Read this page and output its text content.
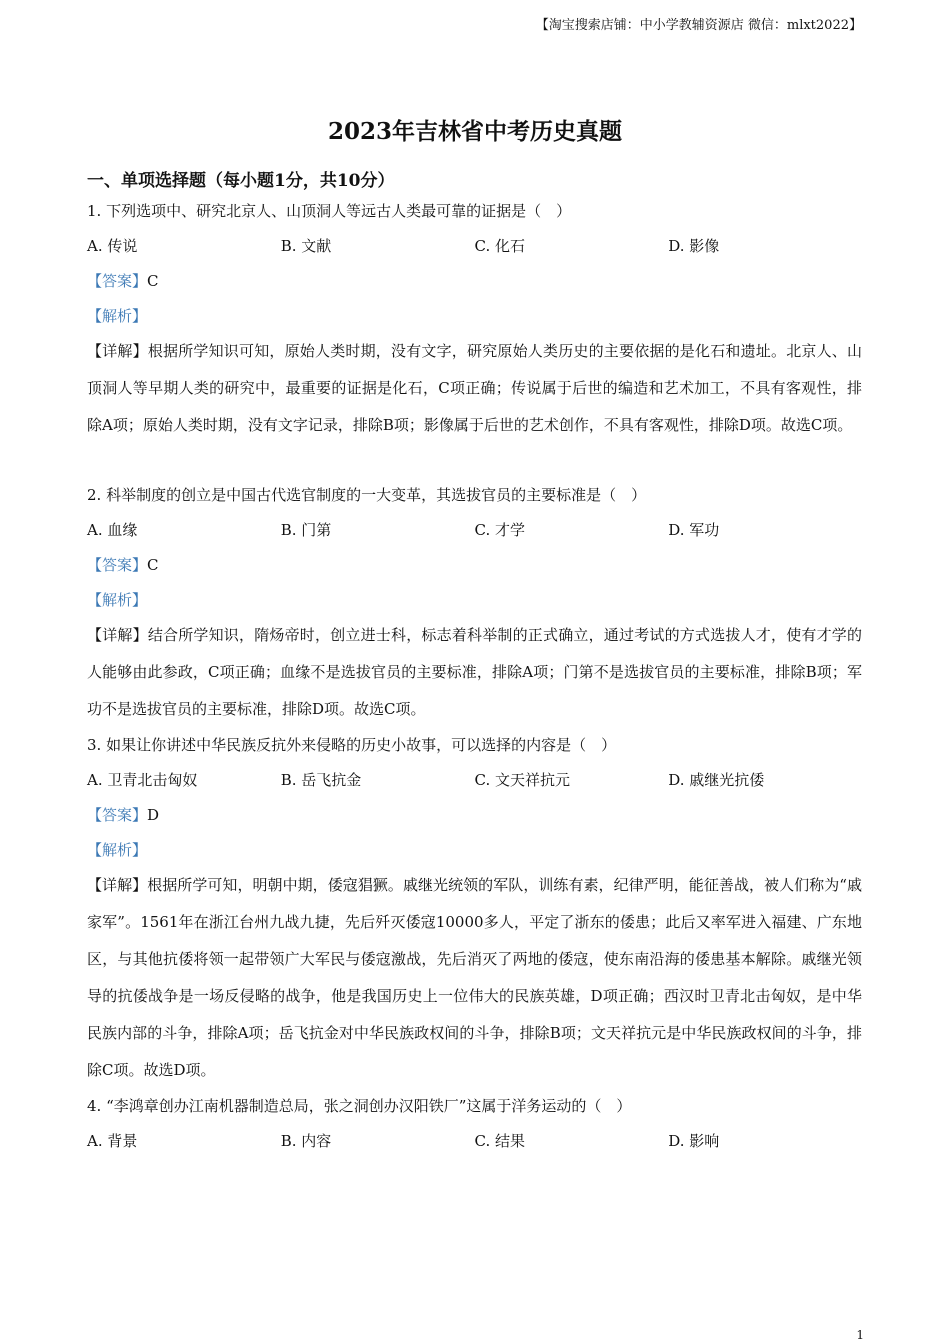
【淘宝搜索店铺：中小学教辅资源店 微信：mlxt2022】
2023年吉林省中考历史真题
一、单项选择题（每小题1分，共10分）
1. 下列选项中、研究北京人、山顶洞人等远古人类最可靠的证据是（　）
A. 传说	B. 文献	C. 化石	D. 影像
【答案】C
【解析】
【详解】根据所学知识可知，原始人类时期，没有文字，研究原始人类历史的主要依据的是化石和遗址。北京人、山顶洞人等早期人类的研究中，最重要的证据是化石，C项正确；传说属于后世的编造和艺术加工，不具有客观性，排除A项；原始人类时期，没有文字记录，排除B项；影像属于后世的艺术创作，不具有客观性，排除D项。故选C项。
2. 科举制度的创立是中国古代选官制度的一大变革，其选拔官员的主要标准是（　）
A. 血缘	B. 门第	C. 才学	D. 军功
【答案】C
【解析】
【详解】结合所学知识，隋炀帝时，创立进士科，标志着科举制的正式确立，通过考试的方式选拔人才，使有才学的人能够由此参政，C项正确；血缘不是选拔官员的主要标准，排除A项；门第不是选拔官员的主要标准，排除B项；军功不是选拔官员的主要标准，排除D项。故选C项。
3. 如果让你讲述中华民族反抗外来侵略的历史小故事，可以选择的内容是（　）
A. 卫青北击匈奴	B. 岳飞抗金	C. 文天祥抗元	D. 戚继光抗倭
【答案】D
【解析】
【详解】根据所学可知，明朝中期，倭寇猖獗。戚继光统领的军队，训练有素，纪律严明，能征善战，被人们称为“戚家军”。1561年在浙江台州九战九捷，先后歼灭倭寇10000多人，平定了浙东的倭患；此后又率军进入福建、广东地区，与其他抗倭将领一起带领广大军民与倭寇激战，先后消灭了两地的倭寇，使东南沿海的倭患基本解除。戚继光领导的抗倭战争是一场反侵略的战争，他是我国历史上一位伟大的民族英雄，D项正确；西汉时卫青北击匈奴，是中华民族内部的斗争，排除A项；岳飞抗金对中华民族政权间的斗争，排除B项；文天祥抗元是中华民族政权间的斗争，排除C项。故选D项。
4. “李鸿章创办江南机器制造总局，张之洞创办汉阳铁厂”这属于洋务运动的（　）
A. 背景	B. 内容	C. 结果	D. 影响
1
